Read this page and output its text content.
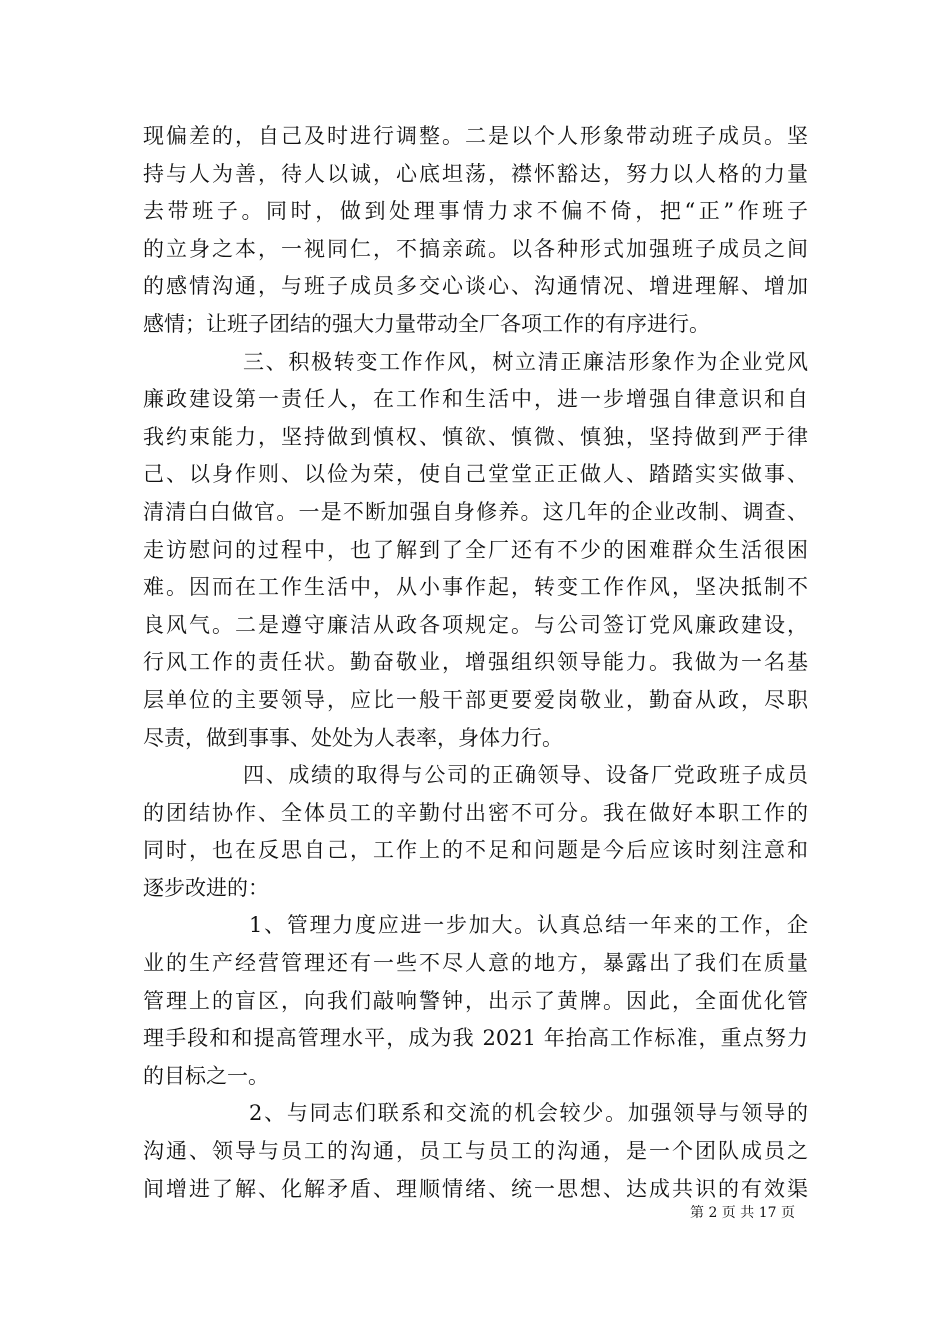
现偏差的，自己及时进行调整。二是以个人形象带动班子成员。坚
持与人为善，待人以诚，心底坦荡，襟怀豁达，努力以人格的力量
去带班子。同时，做到处理事情力求不偏不倚，把“正”作班子
的立身之本，一视同仁，不搞亲疏。以各种形式加强班子成员之间
的感情沟通，与班子成员多交心谈心、沟通情况、增进理解、增加
感情；让班子团结的强大力量带动全厂各项工作的有序进行。
三、积极转变工作作风，树立清正廉洁形象作为企业党风
廉政建设第一责任人，在工作和生活中，进一步增强自律意识和自
我约束能力，坚持做到慎权、慎欲、慎微、慎独，坚持做到严于律
己、以身作则、以俭为荣，使自己堂堂正正做人、踏踏实实做事、
清清白白做官。一是不断加强自身修养。这几年的企业改制、调查、
走访慰问的过程中，也了解到了全厂还有不少的困难群众生活很困
难。因而在工作生活中，从小事作起，转变工作作风，坚决抵制不
良风气。二是遵守廉洁从政各项规定。与公司签订党风廉政建设，
行风工作的责任状。勤奋敬业，增强组织领导能力。我做为一名基
层单位的主要领导，应比一般干部更要爱岗敬业，勤奋从政，尽职
尽责，做到事事、处处为人表率，身体力行。
四、成绩的取得与公司的正确领导、设备厂党政班子成员
的团结协作、全体员工的辛勤付出密不可分。我在做好本职工作的
同时，也在反思自己，工作上的不足和问题是今后应该时刻注意和
逐步改进的：
1、管理力度应进一步加大。认真总结一年来的工作，企
业的生产经营管理还有一些不尽人意的地方，暴露出了我们在质量
管理上的盲区，向我们敲响警钟，出示了黄牌。因此，全面优化管
理手段和和提高管理水平，成为我 2021 年抬高工作标准，重点努力
的目标之一。
2、与同志们联系和交流的机会较少。加强领导与领导的
沟通、领导与员工的沟通，员工与员工的沟通，是一个团队成员之
间增进了解、化解矛盾、理顺情绪、统一思想、达成共识的有效渠
第 2 页 共 17 页
